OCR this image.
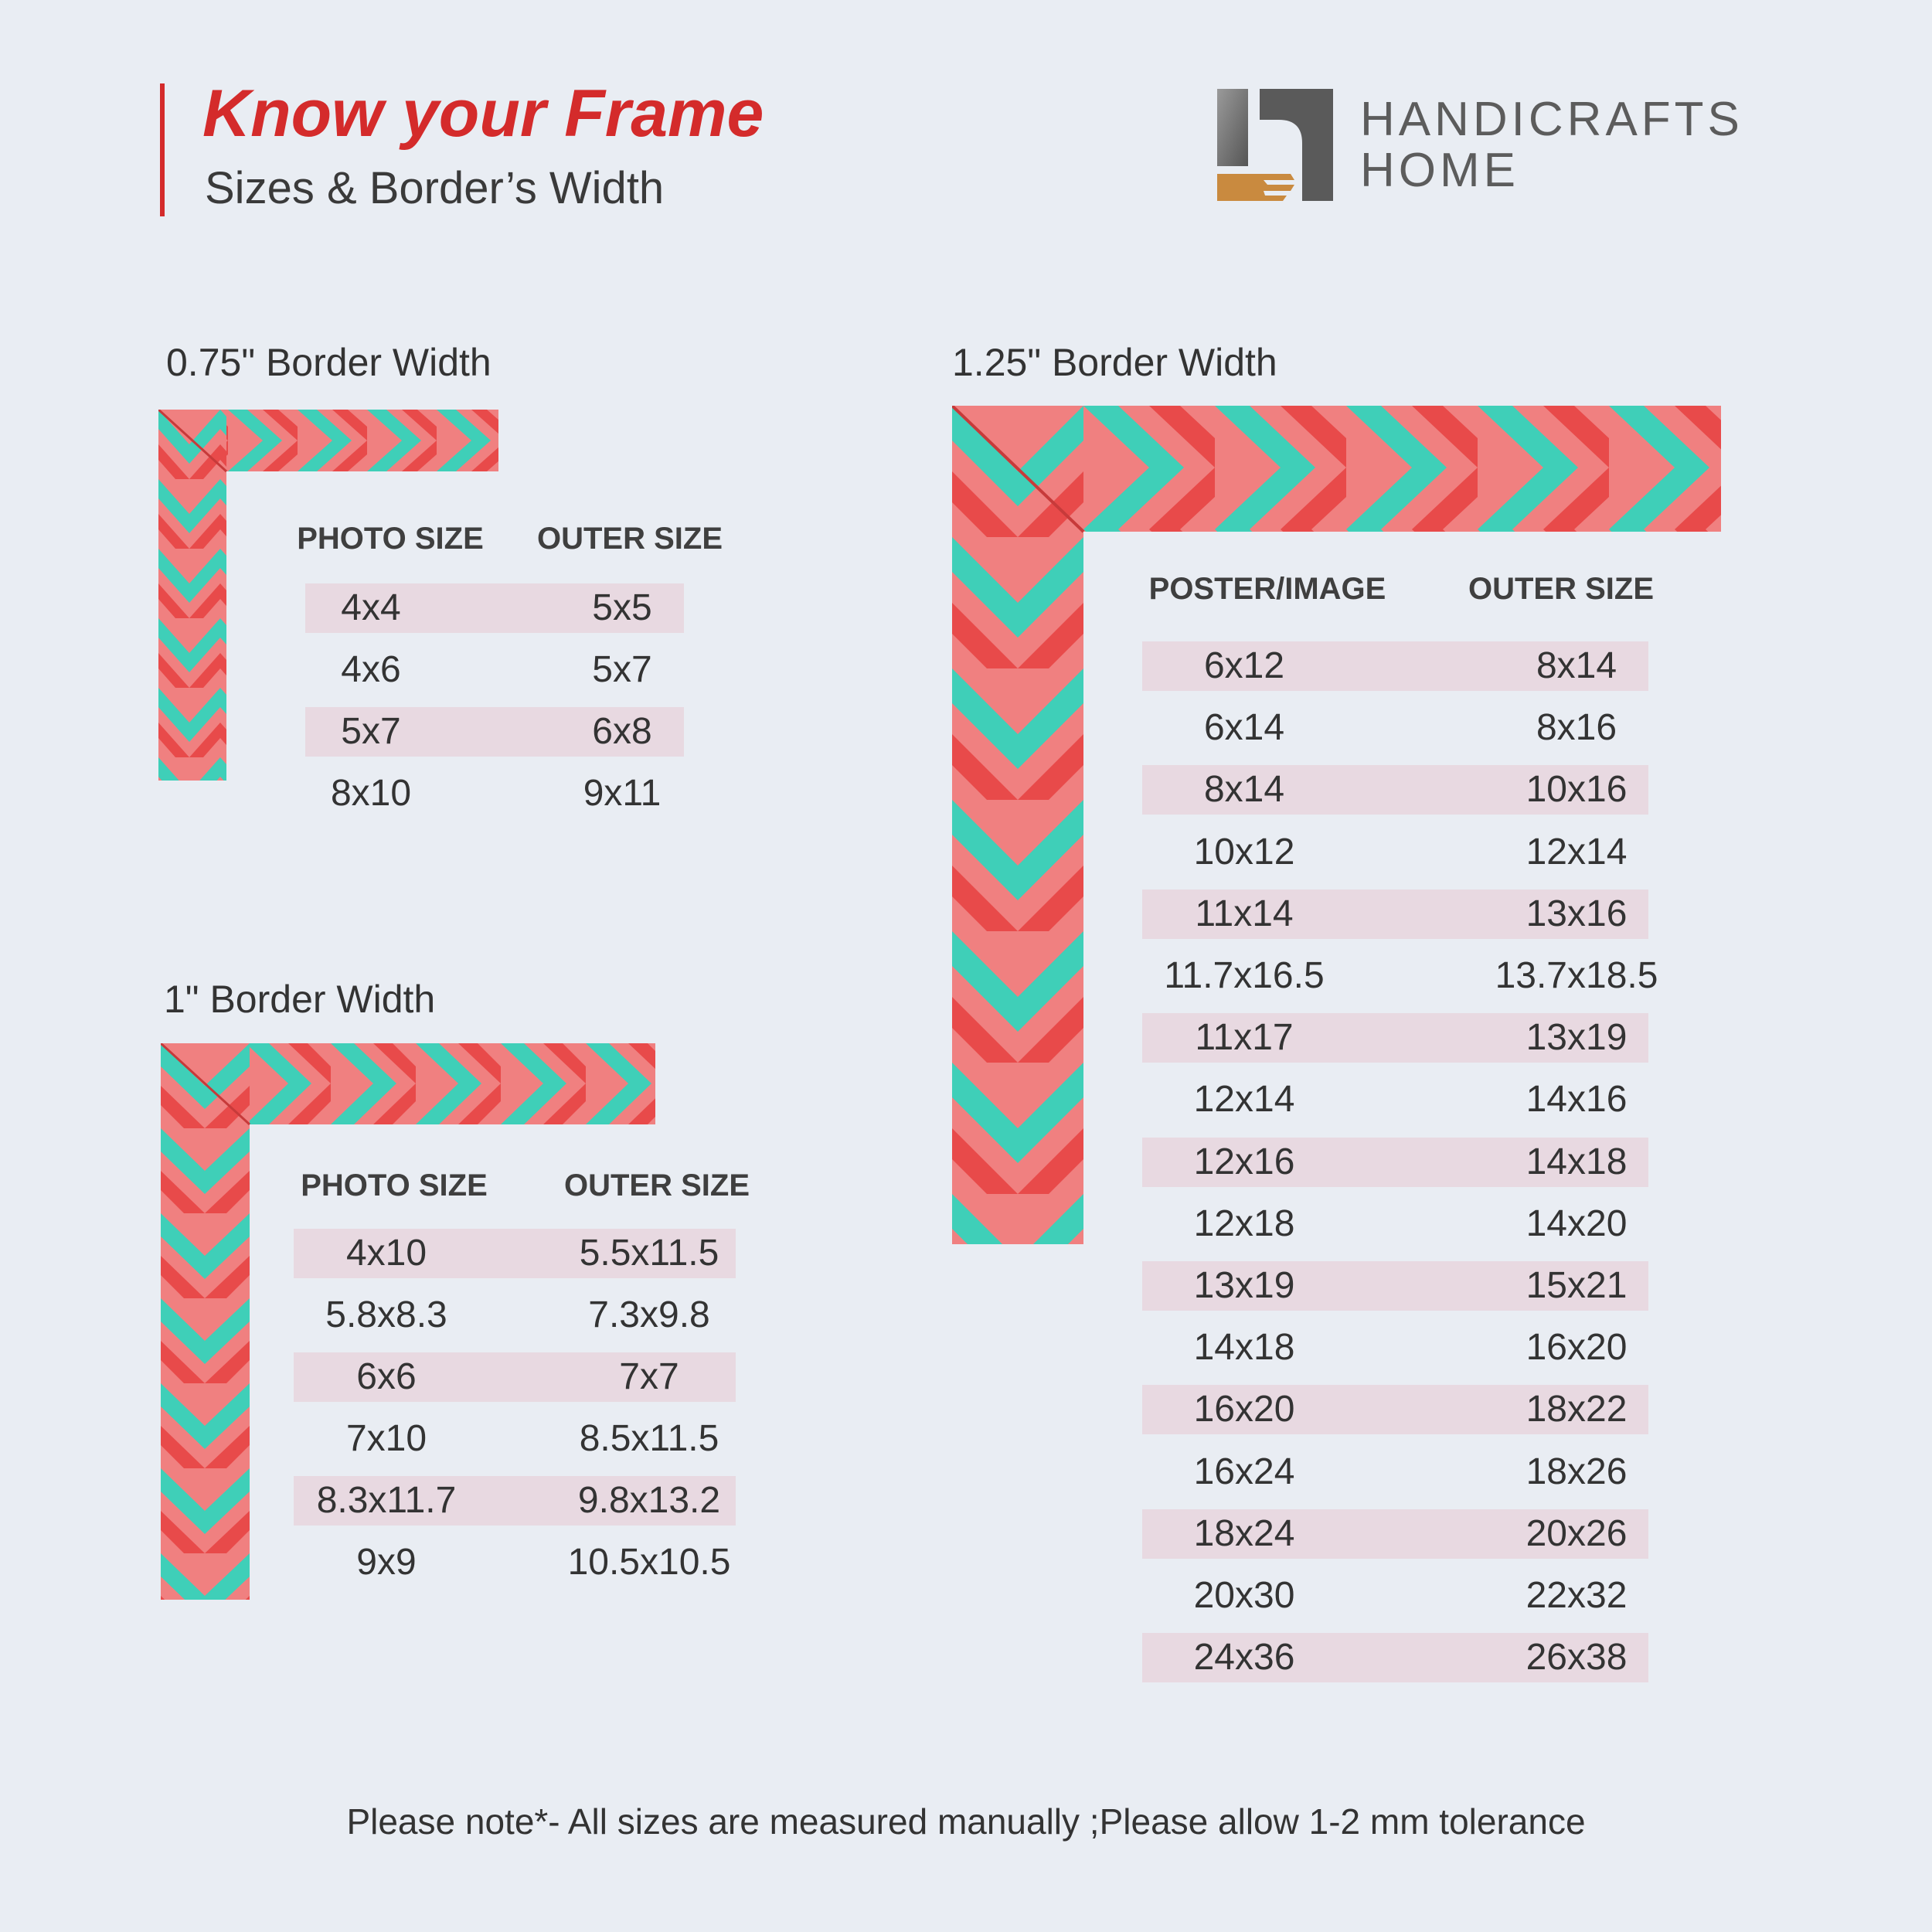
Know your Frame
Sizes & Border’s Width
HANDICRAFTS
HOME
0.75" Border Width
PHOTO SIZE	OUTER SIZE
4x4	5x5
4x6	5x7
5x7	6x8
8x10	9x11
1" Border Width
PHOTO SIZE	OUTER SIZE
4x10	5.5x11.5
5.8x8.3	7.3x9.8
6x6	7x7
7x10	8.5x11.5
8.3x11.7	9.8x13.2
9x9	10.5x10.5
1.25" Border Width
POSTER/IMAGE	OUTER SIZE
6x12	8x14
6x14	8x16
8x14	10x16
10x12	12x14
11x14	13x16
11.7x16.5	13.7x18.5
11x17	13x19
12x14	14x16
12x16	14x18
12x18	14x20
13x19	15x21
14x18	16x20
16x20	18x22
16x24	18x26
18x24	20x26
20x30	22x32
24x36	26x38
Please note*- All sizes are measured manually ;Please allow 1-2 mm tolerance
